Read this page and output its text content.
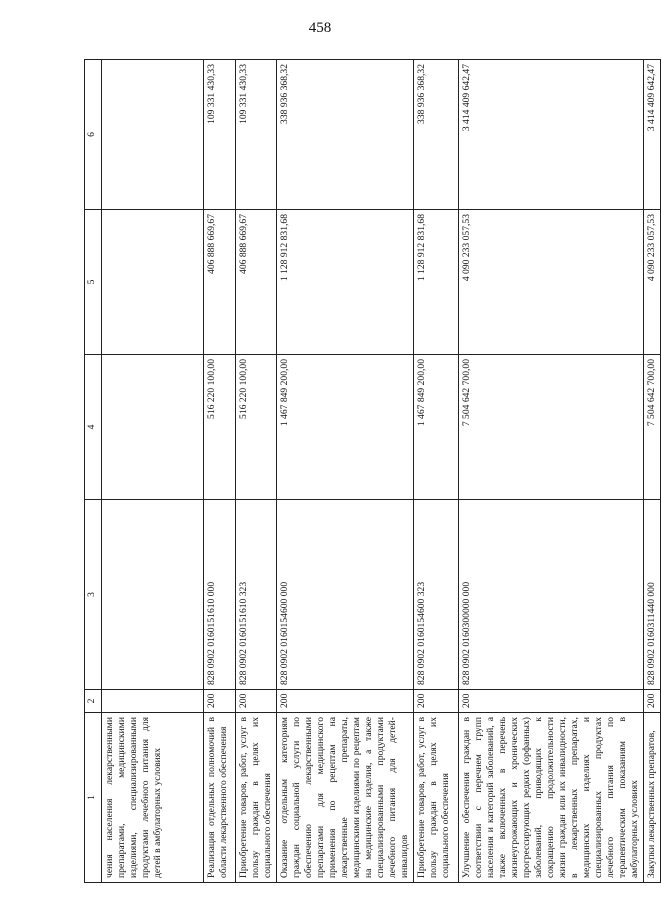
458
1	2	3	4	5	6
чения населения лекарственными препаратами, медицинскими изделиями, специализированными продуктами лечебного питания для детей в амбулаторных условиях					
Реализация отдельных полномочий в области лекарственного обеспечения	200	828 0902 0160151610 000	516 220 100,00	406 888 669,67	109 331 430,33
Приобретение товаров, работ, услуг в пользу граждан в целях их социального обеспечения	200	828 0902 0160151610 323	516 220 100,00	406 888 669,67	109 331 430,33
Оказание отдельным категориям граждан социальной услуги по обеспечению лекарственными препаратами для медицинского применения по рецептам на лекарственные препараты, медицинскими изделиями по рецептам на медицинские изделия, а также специализированными продуктами лечебного питания для детей-инвалидов	200	828 0902 0160154600 000	1 467 849 200,00	1 128 912 831,68	338 936 368,32
Приобретение товаров, работ, услуг в пользу граждан в целях их социального обеспечения	200	828 0902 0160154600 323	1 467 849 200,00	1 128 912 831,68	338 936 368,32
Улучшение обеспечения граждан в соответствии с перечнем групп населения и категорий заболеваний, а также включенных в перечень жизнеугрожающих и хронических прогрессирующих редких (орфанных) заболеваний, приводящих к сокращению продолжительности жизни граждан или их инвалидности, в лекарственных препаратах, медицинских изделиях и специализированных продуктах лечебного питания по терапевтическим показаниям в амбулаторных условиях	200	828 0902 0160300000 000	7 504 642 700,00	4 090 233 057,53	3 414 409 642,47
Закупки лекарственных препаратов,	200	828 0902 0160311440 000	7 504 642 700,00	4 090 233 057,53	3 414 409 642,47
